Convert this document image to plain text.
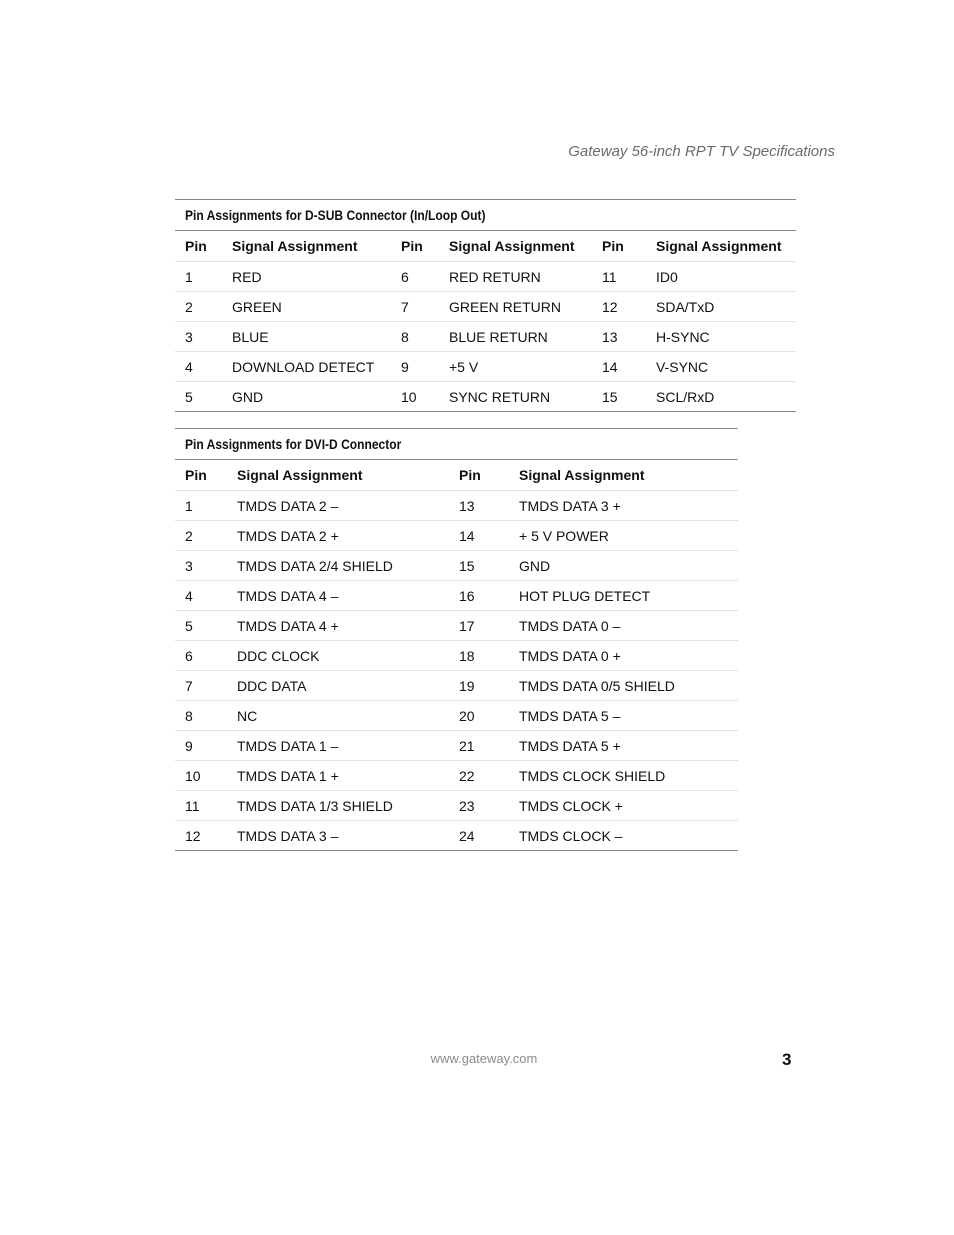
Gateway 56-inch RPT TV Specifications
Pin Assignments for D-SUB Connector (In/Loop Out)					
Pin	Signal Assignment	Pin	Signal Assignment	Pin	Signal Assignment
1	RED	6	RED RETURN	11	ID0
2	GREEN	7	GREEN RETURN	12	SDA/TxD
3	BLUE	8	BLUE RETURN	13	H-SYNC
4	DOWNLOAD DETECT	9	+5 V	14	V-SYNC
5	GND	10	SYNC RETURN	15	SCL/RxD
Pin Assignments for DVI-D Connector			
Pin	Signal Assignment	Pin	Signal Assignment
1	TMDS DATA 2 –	13	TMDS DATA 3 +
2	TMDS DATA 2 +	14	+ 5 V POWER
3	TMDS DATA 2/4 SHIELD	15	GND
4	TMDS DATA 4 –	16	HOT PLUG DETECT
5	TMDS DATA 4 +	17	TMDS DATA 0 –
6	DDC CLOCK	18	TMDS DATA 0 +
7	DDC DATA	19	TMDS DATA 0/5 SHIELD
8	NC	20	TMDS DATA 5 –
9	TMDS DATA 1 –	21	TMDS DATA 5 +
10	TMDS DATA 1 +	22	TMDS CLOCK SHIELD
11	TMDS DATA 1/3 SHIELD	23	TMDS CLOCK +
12	TMDS DATA 3 –	24	TMDS CLOCK –
www.gateway.com	3
